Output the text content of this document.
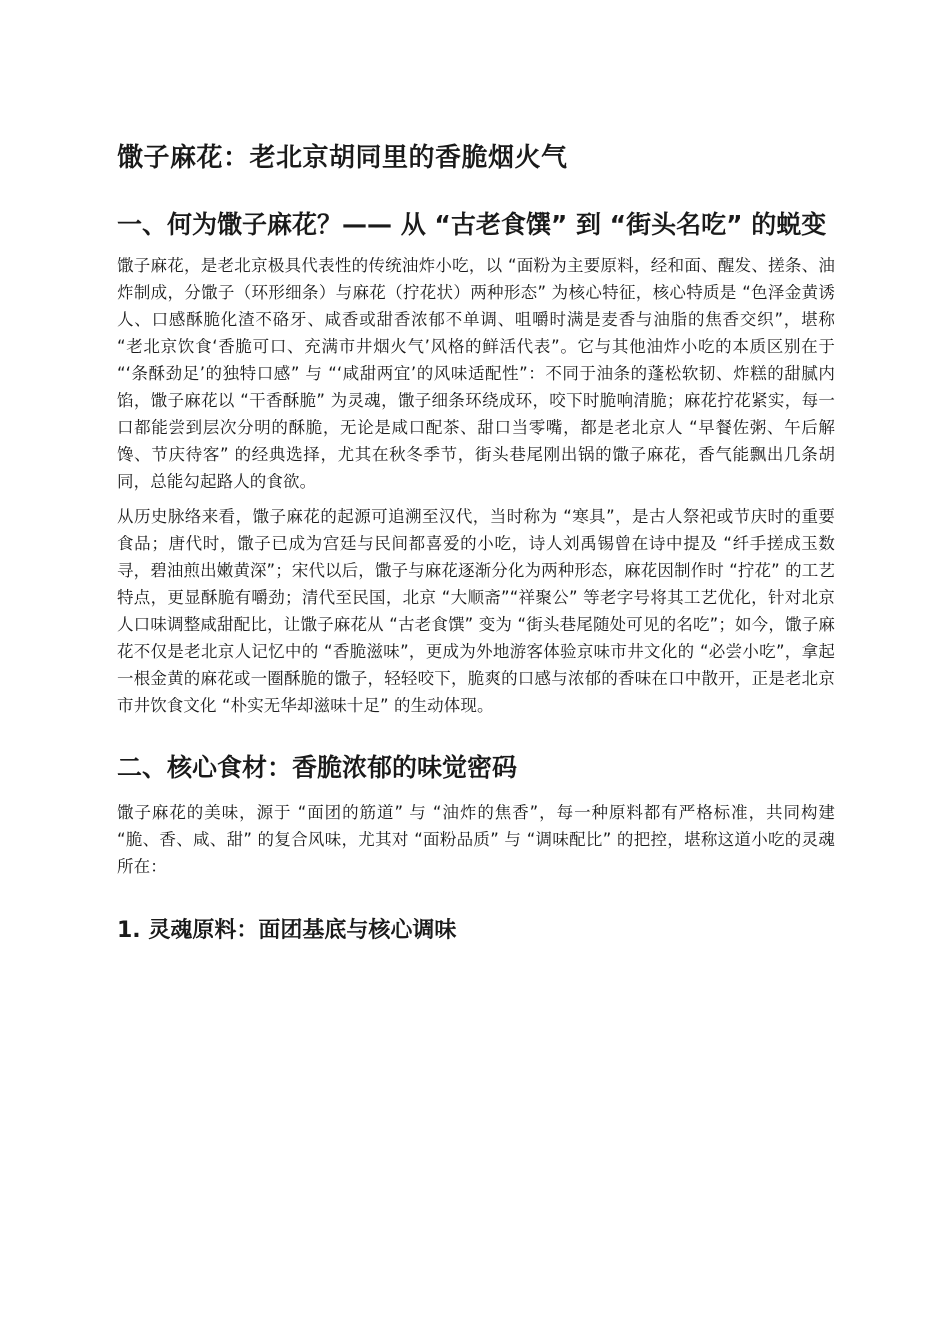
馓子麻花：老北京胡同里的香脆烟火气
一、何为馓子麻花？—— 从 “古老食馔” 到 “街头名吃” 的蜕变

馓子麻花，是老北京极具代表性的传统油炸小吃，以 “面粉为主要原料，经和面、醒发、搓条、油炸制成，分馓子（环形细条）与麻花（拧花状）两种形态” 为核心特征，核心特质是 “色泽金黄诱人、口感酥脆化渣不硌牙、咸香或甜香浓郁不单调、咀嚼时满是麦香与油脂的焦香交织”，堪称 “老北京饮食‘香脆可口、充满市井烟火气’风格的鲜活代表”。它与其他油炸小吃的本质区别在于 “‘条酥劲足’的独特口感” 与 “‘咸甜两宜’的风味适配性”：不同于油条的蓬松软韧、炸糕的甜腻内馅，馓子麻花以 “干香酥脆” 为灵魂，馓子细条环绕成环，咬下时脆响清脆；麻花拧花紧实，每一口都能尝到层次分明的酥脆，无论是咸口配茶、甜口当零嘴，都是老北京人 “早餐佐粥、午后解馋、节庆待客” 的经典选择，尤其在秋冬季节，街头巷尾刚出锅的馓子麻花，香气能飘出几条胡同，总能勾起路人的食欲。

从历史脉络来看，馓子麻花的起源可追溯至汉代，当时称为 “寒具”，是古人祭祀或节庆时的重要食品；唐代时，馓子已成为宫廷与民间都喜爱的小吃，诗人刘禹锡曾在诗中提及 “纤手搓成玉数寻，碧油煎出嫩黄深”；宋代以后，馓子与麻花逐渐分化为两种形态，麻花因制作时 “拧花” 的工艺特点，更显酥脆有嚼劲；清代至民国，北京 “大顺斋”“祥聚公” 等老字号将其工艺优化，针对北京人口味调整咸甜配比，让馓子麻花从 “古老食馔” 变为 “街头巷尾随处可见的名吃”；如今，馓子麻花不仅是老北京人记忆中的 “香脆滋味”，更成为外地游客体验京味市井文化的 “必尝小吃”，拿起一根金黄的麻花或一圈酥脆的馓子，轻轻咬下，脆爽的口感与浓郁的香味在口中散开，正是老北京市井饮食文化 “朴实无华却滋味十足” 的生动体现。

二、核心食材：香脆浓郁的味觉密码

馓子麻花的美味，源于 “面团的筋道” 与 “油炸的焦香”，每一种原料都有严格标准，共同构建 “脆、香、咸、甜” 的复合风味，尤其对 “面粉品质” 与 “调味配比” 的把控，堪称这道小吃的灵魂所在：

1. 灵魂原料：面团基底与核心调味
